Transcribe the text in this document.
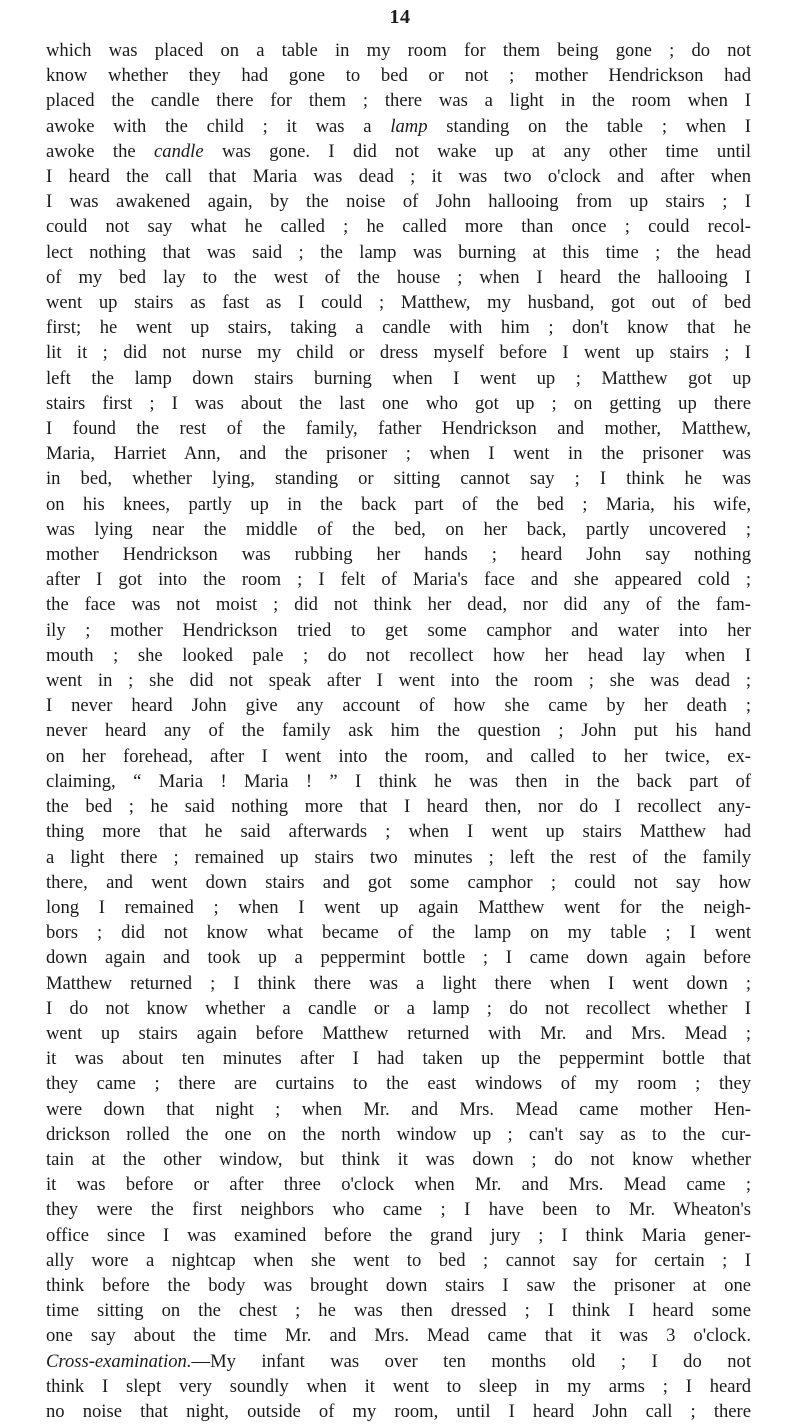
14
which was placed on a table in my room for them being gone ; do not
know whether they had gone to bed or not ; mother Hendrickson had
placed the candle there for them ; there was a light in the room when I
awoke with the child ; it was a lamp standing on the table ; when I
awoke the candle was gone. I did not wake up at any other time until
I heard the call that Maria was dead ; it was two o'clock and after when
I was awakened again, by the noise of John hallooing from up stairs ; I
could not say what he called ; he called more than once ; could recol-
lect nothing that was said ; the lamp was burning at this time ; the head
of my bed lay to the west of the house ; when I heard the hallooing I
went up stairs as fast as I could ; Matthew, my husband, got out of bed
first; he went up stairs, taking a candle with him ; don't know that he
lit it ; did not nurse my child or dress myself before I went up stairs ; I
left the lamp down stairs burning when I went up ; Matthew got up
stairs first ; I was about the last one who got up ; on getting up there
I found the rest of the family, father Hendrickson and mother, Matthew,
Maria, Harriet Ann, and the prisoner ; when I went in the prisoner was
in bed, whether lying, standing or sitting cannot say ; I think he was
on his knees, partly up in the back part of the bed ; Maria, his wife,
was lying near the middle of the bed, on her back, partly uncovered ;
mother Hendrickson was rubbing her hands ; heard John say nothing
after I got into the room ; I felt of Maria's face and she appeared cold ;
the face was not moist ; did not think her dead, nor did any of the fam-
ily ; mother Hendrickson tried to get some camphor and water into her
mouth ; she looked pale ; do not recollect how her head lay when I
went in ; she did not speak after I went into the room ; she was dead ;
I never heard John give any account of how she came by her death ;
never heard any of the family ask him the question ; John put his hand
on her forehead, after I went into the room, and called to her twice, ex-
claiming, “ Maria ! Maria ! ” I think he was then in the back part of
the bed ; he said nothing more that I heard then, nor do I recollect any-
thing more that he said afterwards ; when I went up stairs Matthew had
a light there ; remained up stairs two minutes ; left the rest of the family
there, and went down stairs and got some camphor ; could not say how
long I remained ; when I went up again Matthew went for the neigh-
bors ; did not know what became of the lamp on my table ; I went
down again and took up a peppermint bottle ; I came down again before
Matthew returned ; I think there was a light there when I went down ;
I do not know whether a candle or a lamp ; do not recollect whether I
went up stairs again before Matthew returned with Mr. and Mrs. Mead ;
it was about ten minutes after I had taken up the peppermint bottle that
they came ; there are curtains to the east windows of my room ; they
were down that night ; when Mr. and Mrs. Mead came mother Hen-
drickson rolled the one on the north window up ; can't say as to the cur-
tain at the other window, but think it was down ; do not know whether
it was before or after three o'clock when Mr. and Mrs. Mead came ;
they were the first neighbors who came ; I have been to Mr. Wheaton's
office since I was examined before the grand jury ; I think Maria gener-
ally wore a nightcap when she went to bed ; cannot say for certain ; I
think before the body was brought down stairs I saw the prisoner at one
time sitting on the chest ; he was then dressed ; I think I heard some
one say about the time Mr. and Mrs. Mead came that it was 3 o'clock.
Cross-examination.—My infant was over ten months old ; I do not
think I slept very soundly when it went to sleep in my arms ; I heard
no noise that night, outside of my room, until I heard John call ; there
